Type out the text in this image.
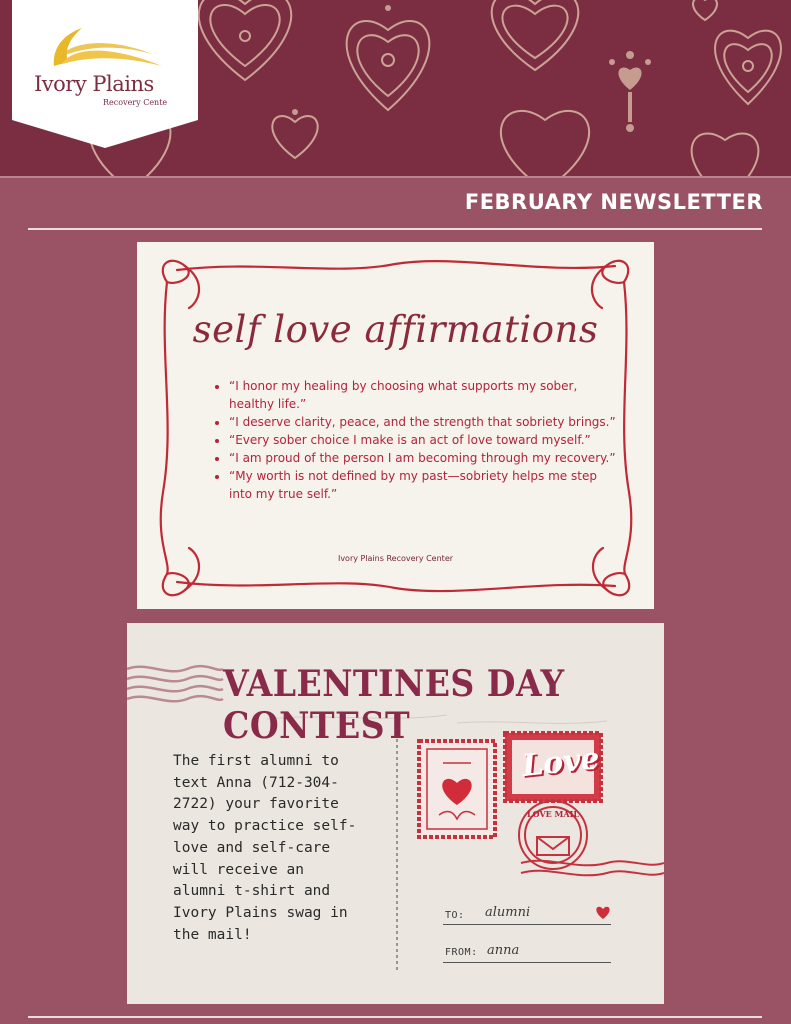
Ivory Plains
Recovery Cente
FEBRUARY NEWSLETTER
self love affirmations
• “I honor my healing by choosing what supports my sober, healthy life.”
• “I deserve clarity, peace, and the strength that sobriety brings.”
• “Every sober choice I make is an act of love toward myself.”
• “I am proud of the person I am becoming through my recovery.”
• “My worth is not defined by my past—sobriety helps me step into my true self.”
Ivory Plains Recovery Center
VALENTINES DAY CONTEST
The first alumni to text Anna (712-304-2722) your favorite way to practice self-love and self-care will receive an alumni t-shirt and Ivory Plains swag in the mail!
Love
LOVE MAIL
TO: alumni
FROM: anna
